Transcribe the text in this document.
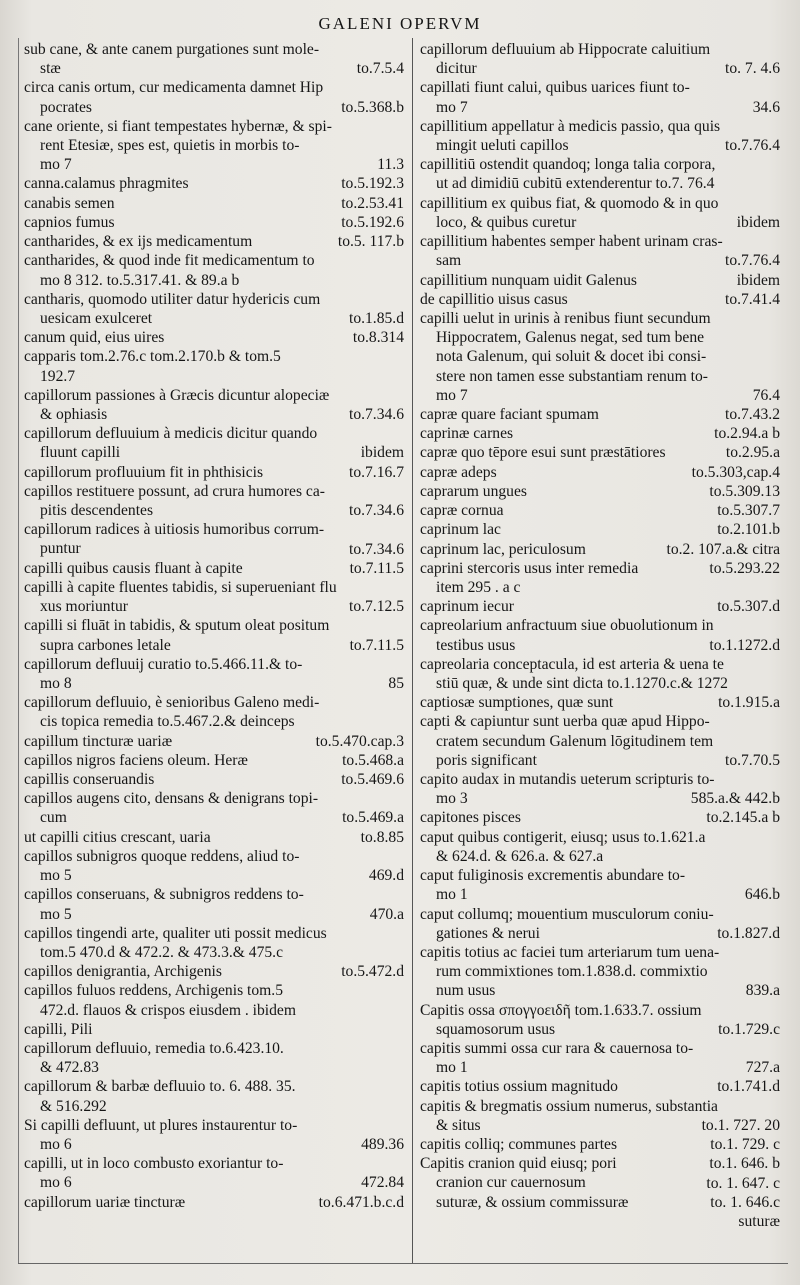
GALENI OPERVM
sub cane, & ante canem purgationes sunt mole-
stæ	to.7.5.4
circa canis ortum, cur medicamenta damnet Hip
pocrates	to.5.368.b
cane oriente, si fiant tempestates hybernæ, & spi-
rent Etesiæ, spes est, quietis in morbis to-
mo 7	11.3
canna.calamus phragmites	to.5.192.3
canabis semen	to.2.53.41
capnios fumus	to.5.192.6
cantharides, & ex ijs medicamentum	to.5. 117.b
cantharides, & quod inde fit medicamentum to
mo 8 312. to.5.317.41. & 89.a b
cantharis, quomodo utiliter datur hydericis cum
uesicam exulceret	to.1.85.d
canum quid, eius uires	to.8.314
capparis tom.2.76.c tom.2.170.b & tom.5
192.7
capillorum passiones à Græcis dicuntur alopeciæ
& ophiasis	to.7.34.6
capillorum defluuium à medicis dicitur quando
fluunt capilli	ibidem
capillorum profluuium fit in phthisicis	to.7.16.7
capillos restituere possunt, ad crura humores ca-
pitis descendentes	to.7.34.6
capillorum radices à uitiosis humoribus corrum-
puntur	to.7.34.6
capilli quibus causis fluant à capite	to.7.11.5
capilli à capite fluentes tabidis, si superueniant flu
xus moriuntur	to.7.12.5
capilli si fluāt in tabidis, & sputum oleat positum
supra carbones letale	to.7.11.5
capillorum defluuij curatio to.5.466.11.& to-
mo 8	85
capillorum defluuio, è senioribus Galeno medi-
cis topica remedia to.5.467.2.& deinceps
capillum tincturæ uariæ	to.5.470.cap.3
capillos nigros faciens oleum. Heræ	to.5.468.a
capillis conseruandis	to.5.469.6
capillos augens cito, densans & denigrans topi-
cum	to.5.469.a
ut capilli citius crescant, uaria	to.8.85
capillos subnigros quoque reddens, aliud to-
mo 5	469.d
capillos conseruans, & subnigros reddens to-
mo 5	470.a
capillos tingendi arte, qualiter uti possit medicus
tom.5 470.d & 472.2. & 473.3.& 475.c
capillos denigrantia, Archigenis	to.5.472.d
capillos fuluos reddens, Archigenis tom.5
472.d. flauos & crispos eiusdem . ibidem
capilli, Pili
capillorum defluuio, remedia to.6.423.10.
& 472.83
capillorum & barbæ defluuio to. 6. 488. 35.
& 516.292
Si capilli defluunt, ut plures instaurentur to-
mo 6	489.36
capilli, ut in loco combusto exoriantur to-
mo 6	472.84
capillorum uariæ tincturæ	to.6.471.b.c.d
capillorum defluuium ab Hippocrate caluitium
dicitur	to. 7. 4.6
capillati fiunt calui, quibus uarices fiunt to-
mo 7	34.6
capillitium appellatur à medicis passio, qua quis
mingit ueluti capillos	to.7.76.4
capillitiū ostendit quandoq; longa talia corpora,
ut ad dimidiū cubitū extenderentur to.7. 76.4
capillitium ex quibus fiat, & quomodo & in quo
loco, & quibus curetur	ibidem
capillitium habentes semper habent urinam cras-
sam	to.7.76.4
capillitium nunquam uidit Galenus	ibidem
de capillitio uisus casus	to.7.41.4
capilli uelut in urinis à renibus fiunt secundum
Hippocratem, Galenus negat, sed tum bene
nota Galenum, qui soluit & docet ibi consi-
stere non tamen esse substantiam renum to-
mo 7	76.4
capræ quare faciant spumam	to.7.43.2
caprinæ carnes	to.2.94.a b
capræ quo tēpore esui sunt præstātiores	to.2.95.a
capræ adeps	to.5.303,cap.4
caprarum ungues	to.5.309.13
capræ cornua	to.5.307.7
caprinum lac	to.2.101.b
caprinum lac, periculosum	to.2. 107.a.& citra
caprini stercoris usus inter remedia	to.5.293.22
item 295 . a c
caprinum iecur	to.5.307.d
capreolarium anfractuum siue obuolutionum in
testibus usus	to.1.1272.d
capreolaria conceptacula, id est arteria & uena te
stiū quæ, & unde sint dicta to.1.1270.c.& 1272
captiosæ sumptiones, quæ sunt	to.1.915.a
capti & capiuntur sunt uerba quæ apud Hippo-
cratem secundum Galenum lōgitudinem tem
poris significant	to.7.70.5
capito audax in mutandis ueterum scripturis to-
mo 3	585.a.& 442.b
capitones pisces	to.2.145.a b
caput quibus contigerit, eiusq; usus to.1.621.a
& 624.d. & 626.a. & 627.a
caput fuliginosis excrementis abundare to-
mo 1	646.b
caput collumq; mouentium musculorum coniu-
gationes & nerui	to.1.827.d
capitis totius ac faciei tum arteriarum tum uena-
rum commixtiones tom.1.838.d. commixtio
num usus	839.a
Capitis ossa σπογγοειδῆ tom.1.633.7. ossium
squamosorum usus	to.1.729.c
capitis summi ossa cur rara & cauernosa to-
mo 1	727.a
capitis totius ossium magnitudo	to.1.741.d
capitis & bregmatis ossium numerus, substantia
& situs	to.1. 727. 20
capitis colliq; communes partes	to.1. 729. c
Capitis cranion quid eiusq; pori	to.1. 646. b
cranion cur cauernosum	to. 1. 647. c
suturæ, & ossium commissuræ	to. 1. 646.c
suturæ
